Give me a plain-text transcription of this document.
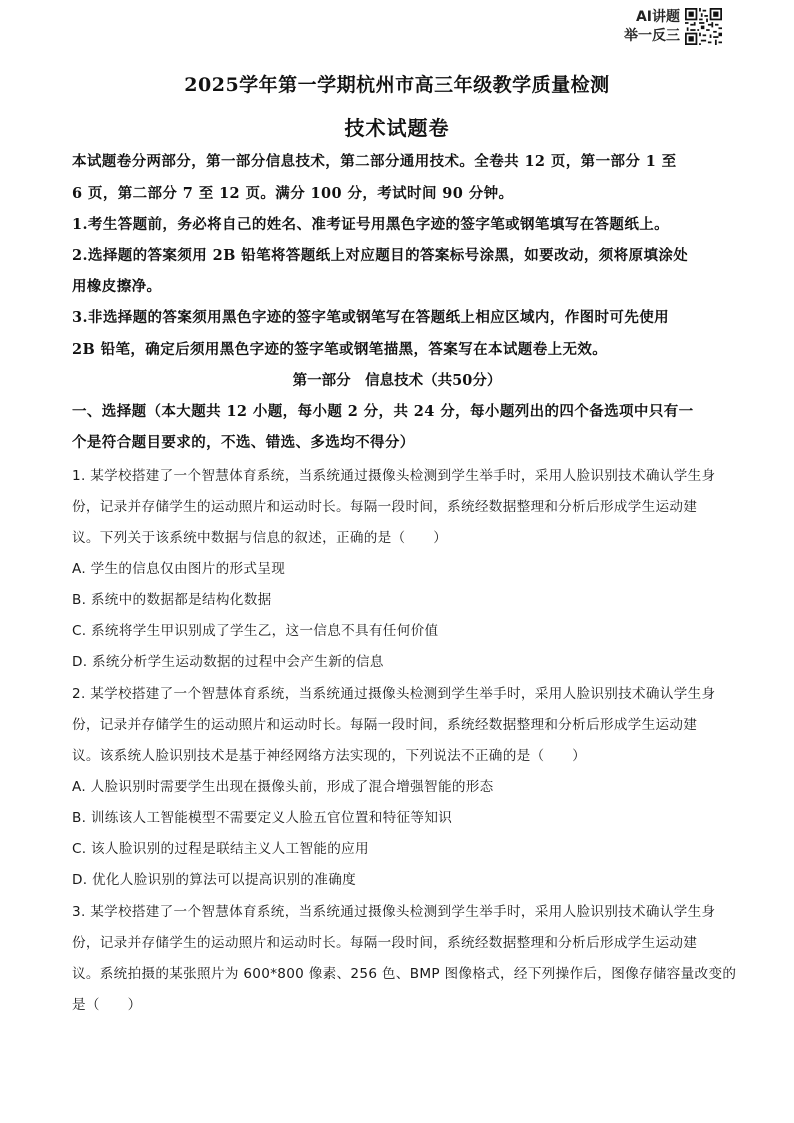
AI讲题
举一反三
2025学年第一学期杭州市高三年级教学质量检测
技术试题卷
本试题卷分两部分，第一部分信息技术，第二部分通用技术。全卷共 12 页，第一部分 1 至
6 页，第二部分 7 至 12 页。满分 100 分，考试时间 90 分钟。
1.考生答题前，务必将自己的姓名、准考证号用黑色字迹的签字笔或钢笔填写在答题纸上。
2.选择题的答案须用 2B 铅笔将答题纸上对应题目的答案标号涂黑，如要改动，须将原填涂处
用橡皮擦净。
3.非选择题的答案须用黑色字迹的签字笔或钢笔写在答题纸上相应区域内，作图时可先使用
2B 铅笔，确定后须用黑色字迹的签字笔或钢笔描黑，答案写在本试题卷上无效。
第一部分　信息技术（共50分）
一、选择题（本大题共 12 小题，每小题 2 分，共 24 分，每小题列出的四个备选项中只有一
个是符合题目要求的，不选、错选、多选均不得分）
1. 某学校搭建了一个智慧体育系统，当系统通过摄像头检测到学生举手时，采用人脸识别技术确认学生身
份，记录并存储学生的运动照片和运动时长。每隔一段时间，系统经数据整理和分析后形成学生运动建
议。下列关于该系统中数据与信息的叙述，正确的是（　　）
A. 学生的信息仅由图片的形式呈现
B. 系统中的数据都是结构化数据
C. 系统将学生甲识别成了学生乙，这一信息不具有任何价值
D. 系统分析学生运动数据的过程中会产生新的信息
2. 某学校搭建了一个智慧体育系统，当系统通过摄像头检测到学生举手时，采用人脸识别技术确认学生身
份，记录并存储学生的运动照片和运动时长。每隔一段时间，系统经数据整理和分析后形成学生运动建
议。该系统人脸识别技术是基于神经网络方法实现的，下列说法不正确的是（　　）
A. 人脸识别时需要学生出现在摄像头前，形成了混合增强智能的形态
B. 训练该人工智能模型不需要定义人脸五官位置和特征等知识
C. 该人脸识别的过程是联结主义人工智能的应用
D. 优化人脸识别的算法可以提高识别的准确度
3. 某学校搭建了一个智慧体育系统，当系统通过摄像头检测到学生举手时，采用人脸识别技术确认学生身
份，记录并存储学生的运动照片和运动时长。每隔一段时间，系统经数据整理和分析后形成学生运动建
议。系统拍摄的某张照片为 600*800 像素、256 色、BMP 图像格式，经下列操作后，图像存储容量改变的
是（　　）
